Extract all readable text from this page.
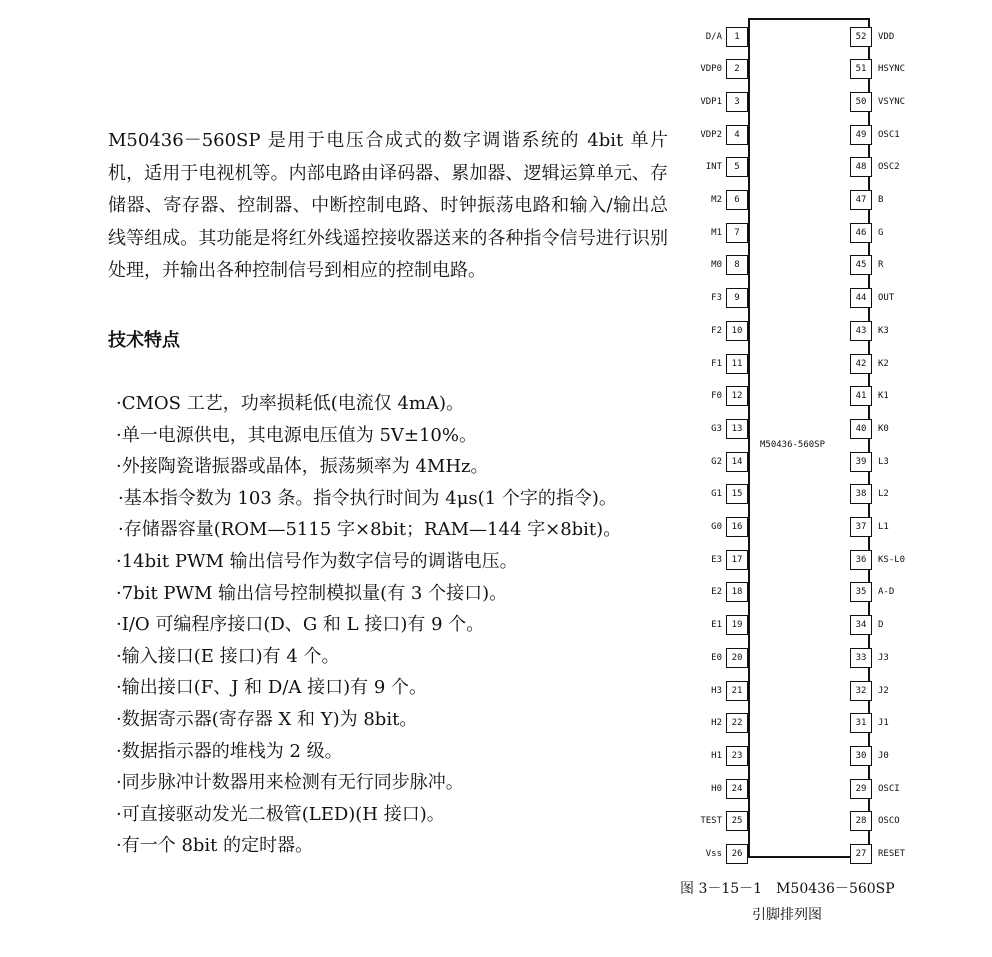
M50436－560SP 是用于电压合成式的数字调谐系统的 4bit 单片机，适用于电视机等。内部电路由译码器、累加器、逻辑运算单元、存储器、寄存器、控制器、中断控制电路、时钟振荡电路和输入/输出总线等组成。其功能是将红外线遥控接收器送来的各种指令信号进行识别处理，并输出各种控制信号到相应的控制电路。

技术特点

·CMOS 工艺，功率损耗低(电流仅 4mA)。
·单一电源供电，其电源电压值为 5V±10%。
·外接陶瓷谐振器或晶体，振荡频率为 4MHz。
·基本指令数为 103 条。指令执行时间为 4μs(1 个字的指令)。
·存储器容量(ROM—5115 字×8bit；RAM—144 字×8bit)。
·14bit PWM 输出信号作为数字信号的调谐电压。
·7bit PWM 输出信号控制模拟量(有 3 个接口)。
·I/O 可编程序接口(D、G 和 L 接口)有 9 个。
·输入接口(E 接口)有 4 个。
·输出接口(F、J 和 D/A 接口)有 9 个。
·数据寄示器(寄存器 X 和 Y)为 8bit。
·数据指示器的堆栈为 2 级。
·同步脉冲计数器用来检测有无行同步脉冲。
·可直接驱动发光二极管(LED)(H 接口)。
·有一个 8bit 的定时器。
M50436-560SP
D/A	1
VDP0	2
VDP1	3
VDP2	4
INT	5
M2	6
M1	7
M0	8
F3	9
F2	10
F1	11
F0	12
G3	13
G2	14
G1	15
G0	16
E3	17
E2	18
E1	19
E0	20
H3	21
H2	22
H1	23
H0	24
TEST	25
Vss	26
52	VDD
51	HSYNC
50	VSYNC
49	OSC1
48	OSC2
47	B
46	G
45	R
44	OUT
43	K3
42	K2
41	K1
40	K0
39	L3
38	L2
37	L1
36	KS-L0
35	A-D
34	D
33	J3
32	J2
31	J1
30	J0
29	OSCI
28	OSCO
27	RESET
图 3－15－1　M50436－560SP
引脚排列图
